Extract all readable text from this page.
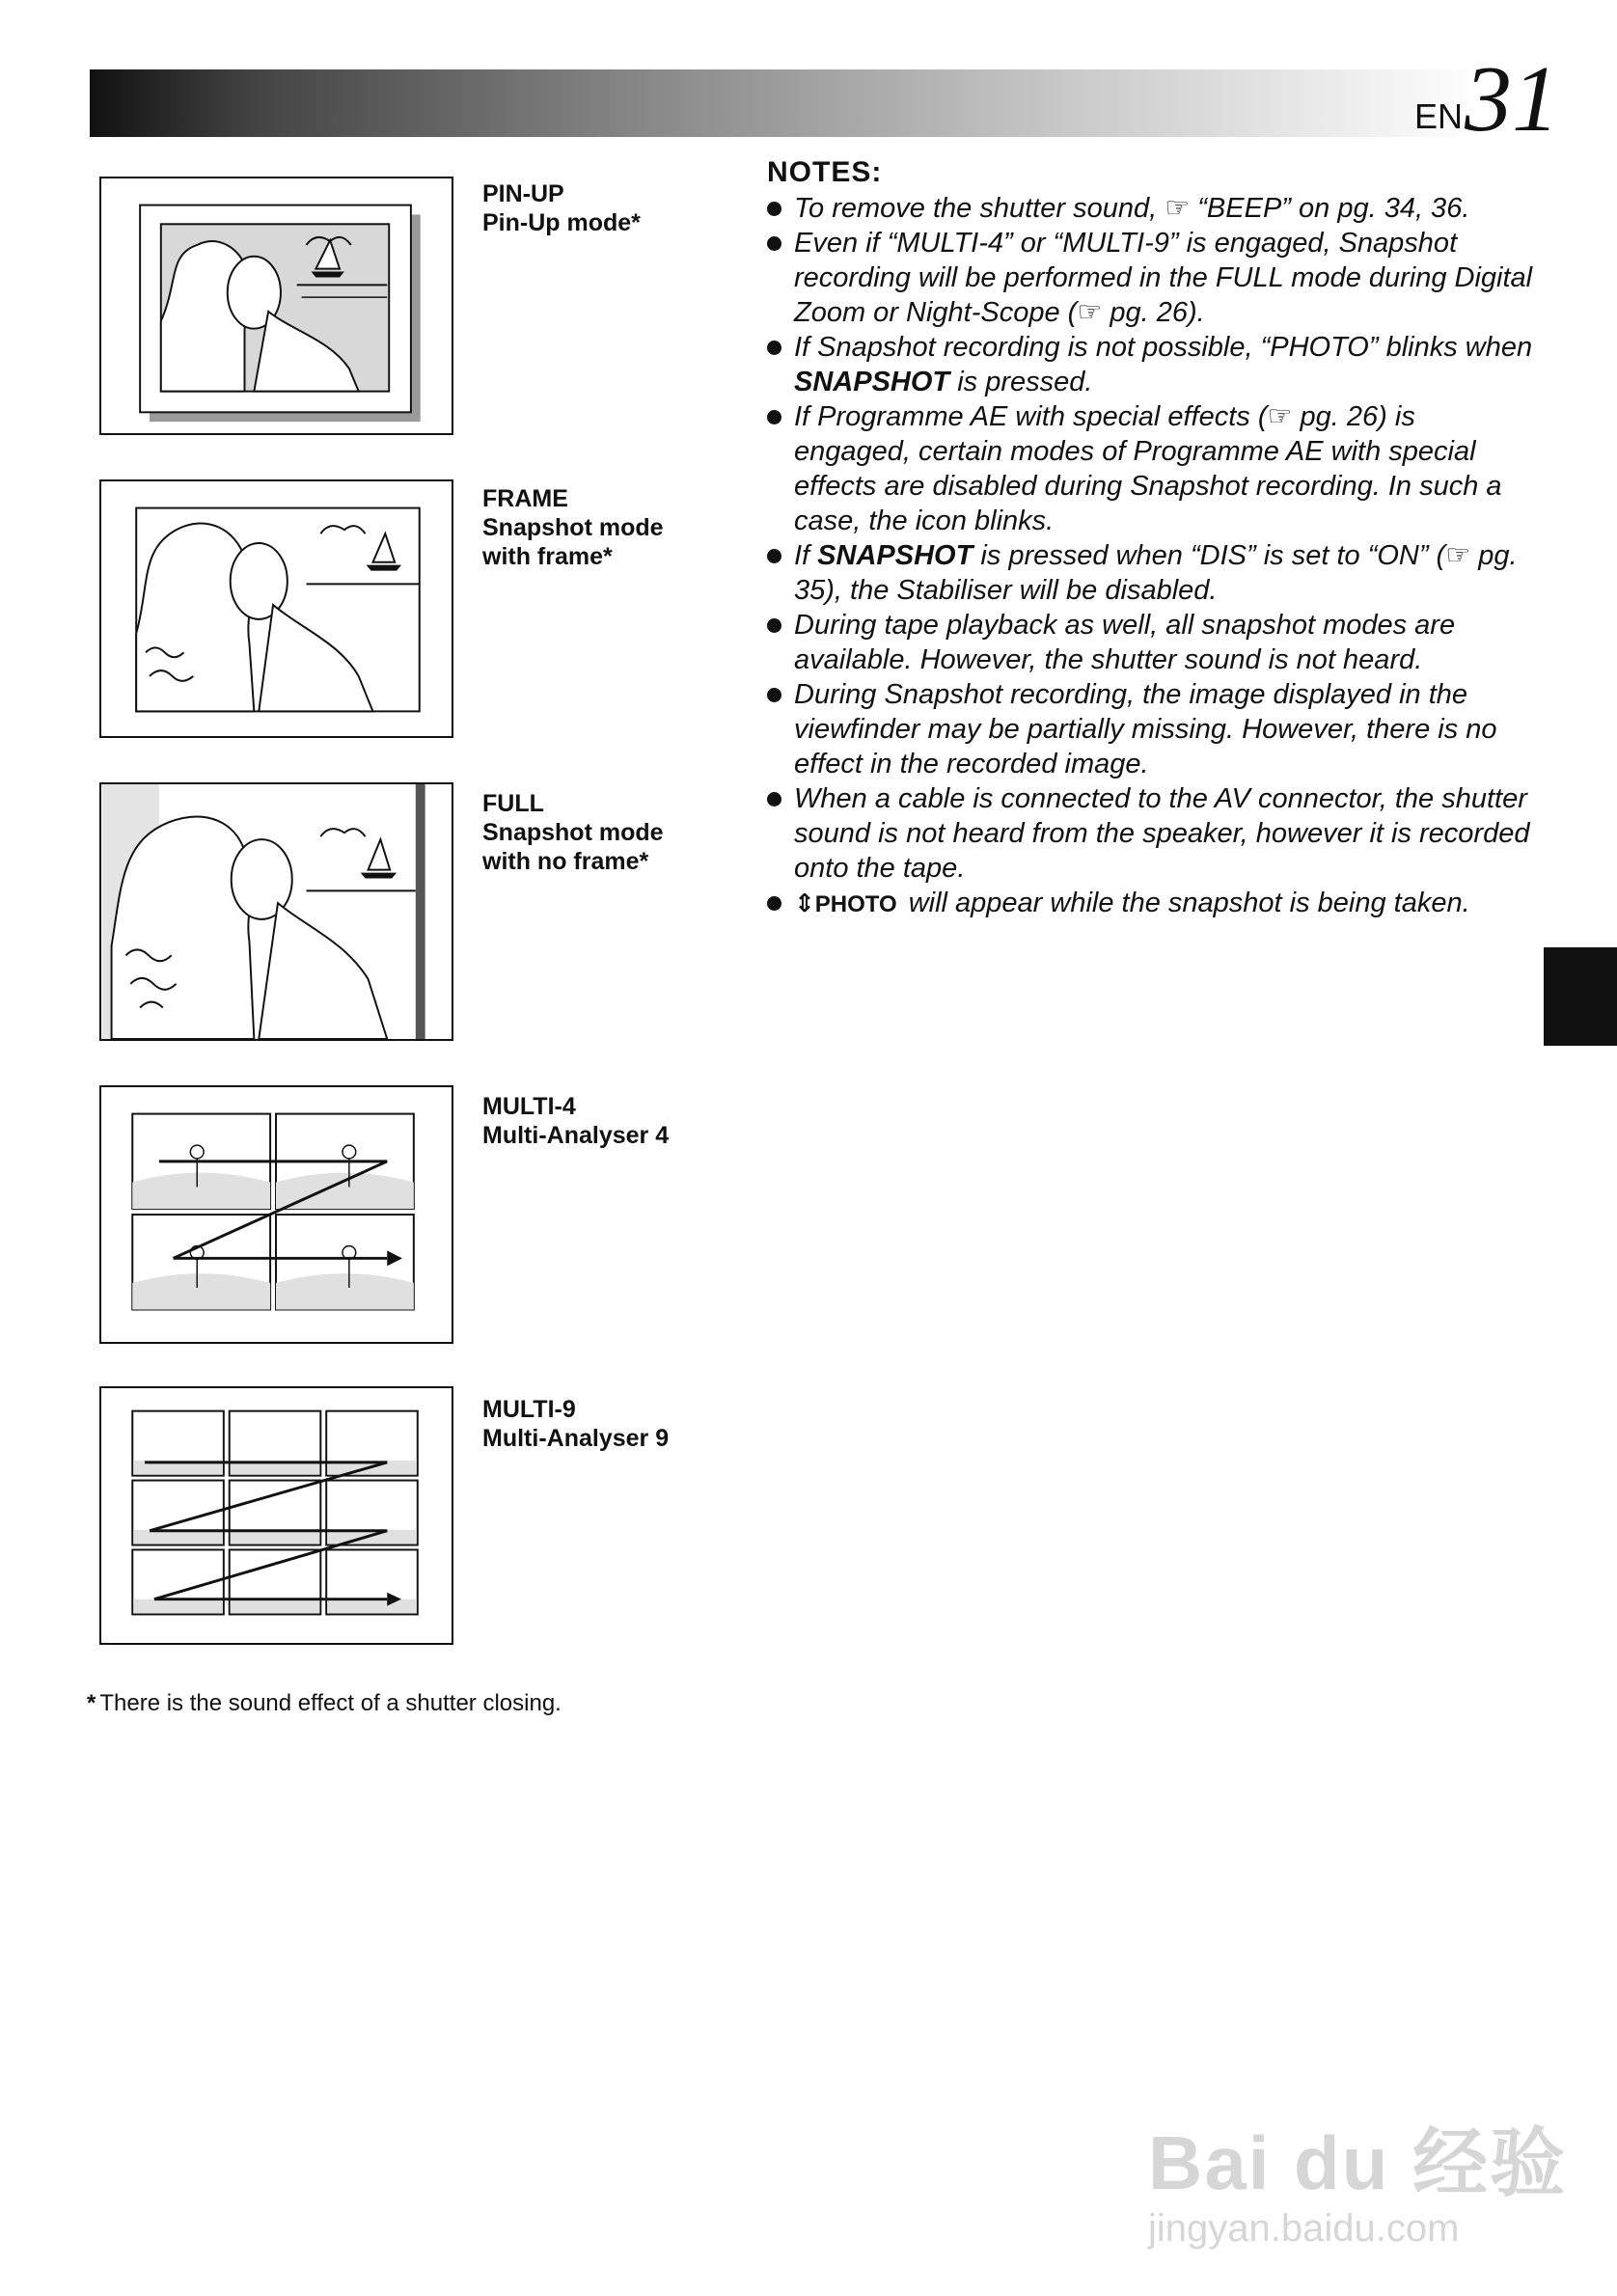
EN 31
PIN-UP
Pin-Up mode*
FRAME
Snapshot mode
with frame*
FULL
Snapshot mode
with no frame*
MULTI-4
Multi-Analyser 4
MULTI-9
Multi-Analyser 9
NOTES:
To remove the shutter sound, ☞ “BEEP” on pg. 34, 36.
Even if “MULTI-4” or “MULTI-9” is engaged, Snapshot recording will be performed in the FULL mode during Digital Zoom or Night-Scope (☞ pg. 26).
If Snapshot recording is not possible, “PHOTO” blinks when SNAPSHOT is pressed.
If Programme AE with special effects (☞ pg. 26) is engaged, certain modes of Programme AE with special effects are disabled during Snapshot recording. In such a case, the icon blinks.
If SNAPSHOT is pressed when “DIS” is set to “ON” (☞ pg. 35), the Stabiliser will be disabled.
During tape playback as well, all snapshot modes are available. However, the shutter sound is not heard.
During Snapshot recording, the image displayed in the viewfinder may be partially missing. However, there is no effect in the recorded image.
When a cable is connected to the AV connector, the shutter sound is not heard from the speaker, however it is recorded onto the tape.
⇕PHOTO will appear while the snapshot is being taken.
* There is the sound effect of a shutter closing.
Bai du 经验
jingyan.baidu.com
